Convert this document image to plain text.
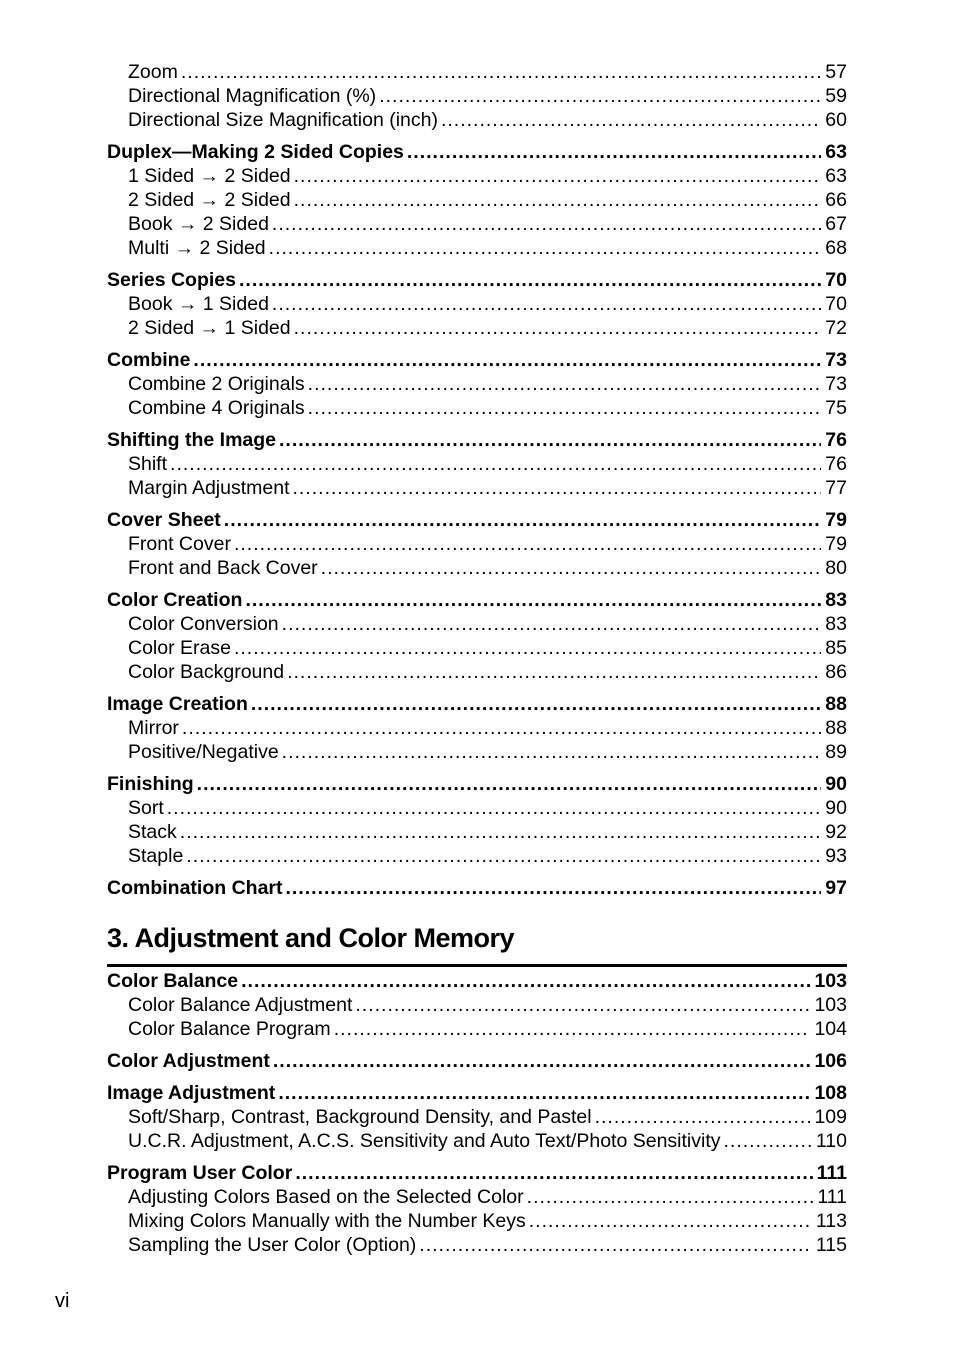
Zoom .....	57
Directional Magnification (%) .....	59
Directional Size Magnification (inch) .....	60
Duplex—Making 2 Sided Copies .....	63
1 Sided → 2 Sided .....	63
2 Sided → 2 Sided .....	66
Book → 2 Sided .....	67
Multi → 2 Sided .....	68
Series Copies .....	70
Book → 1 Sided .....	70
2 Sided → 1 Sided .....	72
Combine .....	73
Combine 2 Originals .....	73
Combine 4 Originals .....	75
Shifting the Image .....	76
Shift .....	76
Margin Adjustment .....	77
Cover Sheet .....	79
Front Cover .....	79
Front and Back Cover .....	80
Color Creation .....	83
Color Conversion .....	83
Color Erase .....	85
Color Background .....	86
Image Creation .....	88
Mirror .....	88
Positive/Negative .....	89
Finishing .....	90
Sort .....	90
Stack .....	92
Staple .....	93
Combination Chart .....	97
3. Adjustment and Color Memory
Color Balance .....	103
Color Balance Adjustment .....	103
Color Balance Program .....	104
Color Adjustment .....	106
Image Adjustment .....	108
Soft/Sharp, Contrast, Background Density, and Pastel .....	109
U.C.R. Adjustment, A.C.S. Sensitivity and Auto Text/Photo Sensitivity .....	110
Program User Color .....	111
Adjusting Colors Based on the Selected Color .....	111
Mixing Colors Manually with the Number Keys .....	113
Sampling the User Color (Option) .....	115
vi
